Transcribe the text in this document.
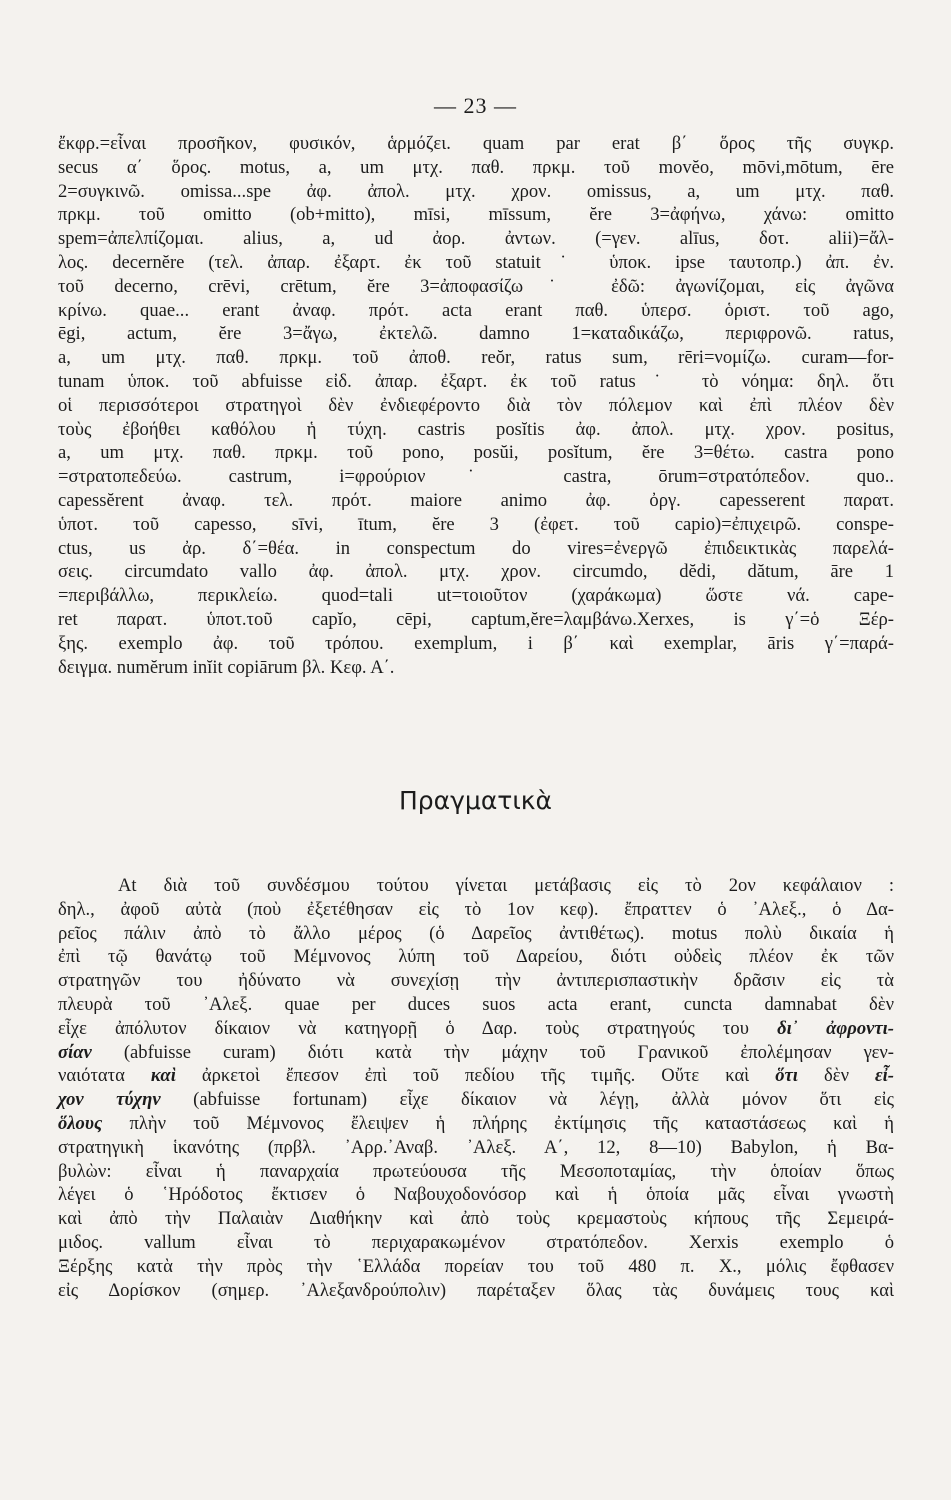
— 23 —
ἔκφρ.=εἶναι προσῆκον, φυσικόν, ἁρμόζει. quam par erat β΄ ὅρος τῆς συγκρ.
secus α΄ ὅρος. motus, a, um μτχ. παθ. πρκμ. τοῦ movĕo, mōvi,mōtum, ēre
2=συγκινῶ. omissa...spe ἀφ. ἀπολ. μτχ. χρον. omissus, a, um μτχ. παθ.
πρκμ. τοῦ omitto (ob+mitto), mīsi, mīssum, ĕre 3=ἀφήνω, χάνω: omitto
spem=ἀπελπίζομαι. alius, a, ud ἀορ. ἀντων. (=γεν. alīus, δοτ. alii)=ἄλ-
λος. decernĕre (τελ. ἀπαρ. ἐξαρτ. ἐκ τοῦ statuit˙ ὑποκ. ipse ταυτοπρ.) ἀπ. ἐν.
τοῦ decerno, crēvi, crētum, ĕre 3=ἀποφασίζω˙ ἐδῶ: ἀγωνίζομαι, εἰς ἀγῶνα
κρίνω. quae... erant ἀναφ. πρότ. acta erant παθ. ὑπερσ. ὁριστ. τοῦ ago,
ēgi, actum, ĕre 3=ἄγω, ἐκτελῶ. damno 1=καταδικάζω, περιφρονῶ. ratus,
a, um μτχ. παθ. πρκμ. τοῦ ἀποθ. reŏr, ratus sum, rēri=νομίζω. curam—for-
tunam ὑποκ. τοῦ abfuisse εἰδ. ἀπαρ. ἐξαρτ. ἐκ τοῦ ratus˙ τὸ νόημα: δηλ. ὅτι
οἱ περισσότεροι στρατηγοὶ δὲν ἐνδιεφέροντο διὰ τὸν πόλεμον καὶ ἐπὶ πλέον δὲν
τοὺς ἐβοήθει καθόλου ἡ τύχη. castris posĭtis ἀφ. ἀπολ. μτχ. χρον. positus,
a, um μτχ. παθ. πρκμ. τοῦ pono, posŭi, posĭtum, ĕre 3=θέτω. castra pono
=στρατοπεδεύω. castrum, i=φρούριον˙ castra, ōrum=στρατόπεδον. quo..
capessĕrent ἀναφ. τελ. πρότ. maiore animo ἀφ. ὀργ. capesserent παρατ.
ὑποτ. τοῦ capesso, sīvi, ītum, ĕre 3 (ἐφετ. τοῦ capio)=ἐπιχειρῶ. conspe-
ctus, us ἀρ. δ΄=θέα. in conspectum do vires=ἐνεργῶ ἐπιδεικτικὰς παρελά-
σεις. circumdato vallo ἀφ. ἀπολ. μτχ. χρον. circumdo, dĕdi, dătum, āre 1
=περιβάλλω, περικλείω. quod=tali ut=τοιοῦτον (χαράκωμα) ὥστε νά. cape-
ret παρατ. ὑποτ.τοῦ capĭo, cēpi, captum,ĕre=λαμβάνω.Xerxes, is γ΄=ὁ Ξέρ-
ξης. exemplo ἀφ. τοῦ τρόπου. exemplum, i β΄ καὶ exemplar, āris γ΄=παρά-
δειγμα. numĕrum inĭit copiārum βλ. Κεφ. Α΄.
Πραγματικὰ
At διὰ τοῦ συνδέσμου τούτου γίνεται μετάβασις εἰς τὸ 2ον κεφάλαιον :
δηλ., ἀφοῦ αὐτὰ (ποὺ ἐξετέθησαν εἰς τὸ 1ον κεφ). ἔπραττεν ὁ ᾿Αλεξ., ὁ Δα-
ρεῖος πάλιν ἀπὸ τὸ ἄλλο μέρος (ὁ Δαρεῖος ἀντιθέτως). motus πολὺ δικαία ἡ
ἐπὶ τῷ θανάτῳ τοῦ Μέμνονος λύπη τοῦ Δαρείου, διότι οὐδεὶς πλέον ἐκ τῶν
στρατηγῶν του ἠδύνατο νὰ συνεχίσῃ τὴν ἀντιπερισπαστικὴν δρᾶσιν εἰς τὰ
πλευρὰ τοῦ ᾿Αλεξ. quae per duces suos acta erant, cuncta damnabat δὲν
εἶχε ἀπόλυτον δίκαιον νὰ κατηγορῇ ὁ Δαρ. τοὺς στρατηγούς του δι᾿ ἀφροντι-
σίαν (abfuisse curam) διότι κατὰ τὴν μάχην τοῦ Γρανικοῦ ἐπολέμησαν γεν-
ναιότατα καὶ ἀρκετοὶ ἔπεσον ἐπὶ τοῦ πεδίου τῆς τιμῆς. Οὔτε καὶ ὅτι δὲν εἶ-
χον τύχην (abfuisse fortunam) εἶχε δίκαιον νὰ λέγῃ, ἀλλὰ μόνον ὅτι εἰς
ὅλους πλὴν τοῦ Μέμνονος ἔλειψεν ἡ πλήρης ἐκτίμησις τῆς καταστάσεως καὶ ἡ
στρατηγικὴ ἱκανότης (πρβλ. ᾿Αρρ.᾿Αναβ. ᾿Αλεξ. Α΄, 12, 8—10) Babylon, ἡ Βα-
βυλὼν: εἶναι ἡ παναρχαία πρωτεύουσα τῆς Μεσοποταμίας, τὴν ὁποίαν ὅπως
λέγει ὁ ῾Ηρόδοτος ἔκτισεν ὁ Ναβουχοδονόσορ καὶ ἡ ὁποία μᾶς εἶναι γνωστὴ
καὶ ἀπὸ τὴν Παλαιὰν Διαθήκην καὶ ἀπὸ τοὺς κρεμαστοὺς κήπους τῆς Σεμειρά-
μιδος. vallum εἶναι τὸ περιχαρακωμένον στρατόπεδον. Xerxis exemplo ὁ
Ξέρξης κατὰ τὴν πρὸς τὴν ῾Ελλάδα πορείαν του τοῦ 480 π. Χ., μόλις ἔφθασεν
εἰς Δορίσκον (σημερ. ᾿Αλεξανδρούπολιν) παρέταξεν ὅλας τὰς δυνάμεις τους καὶ
